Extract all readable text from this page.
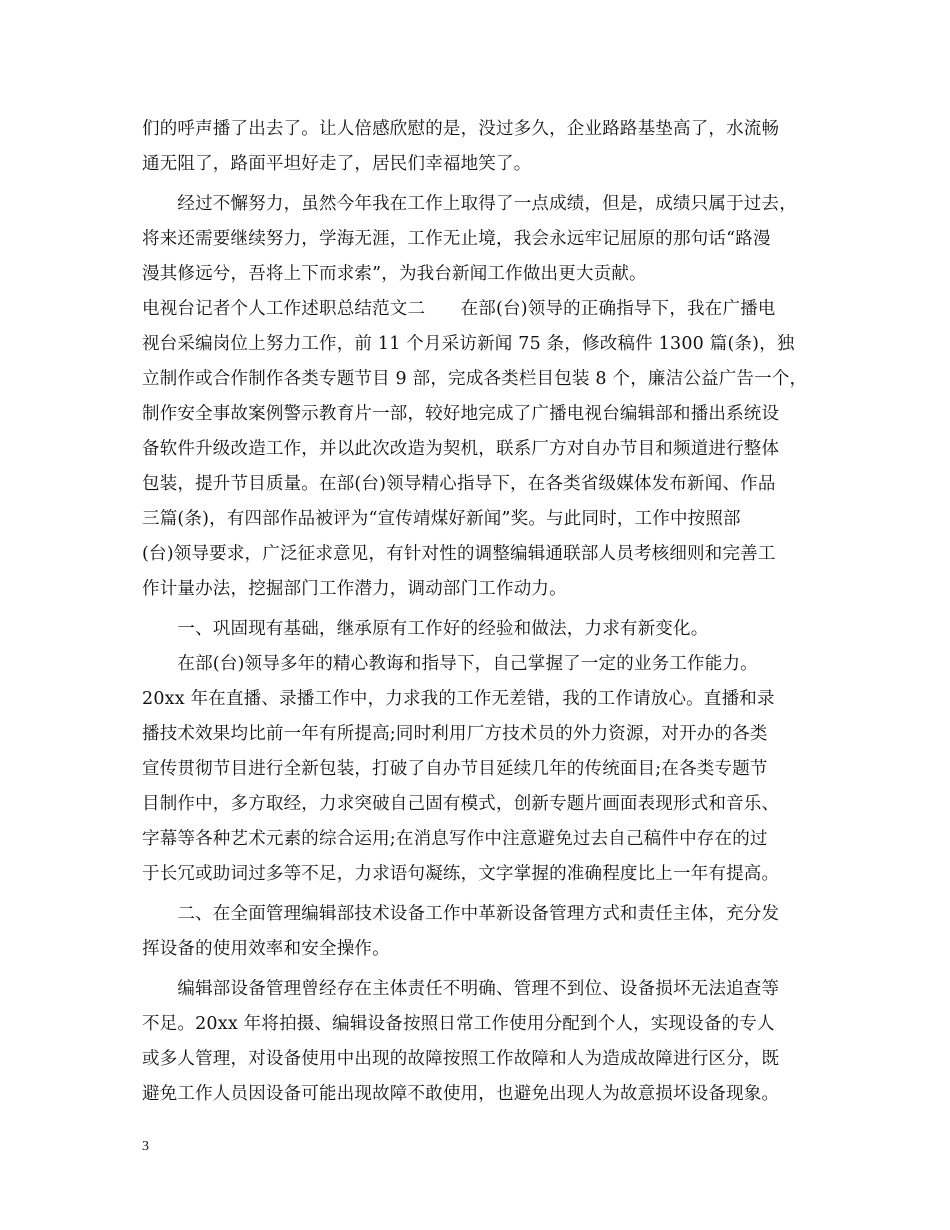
们的呼声播了出去了。让人倍感欣慰的是，没过多久，企业路路基垫高了，水流畅
通无阻了，路面平坦好走了，居民们幸福地笑了。
　　经过不懈努力，虽然今年我在工作上取得了一点成绩，但是，成绩只属于过去，
将来还需要继续努力，学海无涯，工作无止境，我会永远牢记屈原的那句话“路漫
漫其修远兮，吾将上下而求索”，为我台新闻工作做出更大贡献。
电视台记者个人工作述职总结范文二　　在部(台)领导的正确指导下，我在广播电
视台采编岗位上努力工作，前 11 个月采访新闻 75 条，修改稿件 1300 篇(条)，独
立制作或合作制作各类专题节目 9 部，完成各类栏目包装 8 个，廉洁公益广告一个，
制作安全事故案例警示教育片一部，较好地完成了广播电视台编辑部和播出系统设
备软件升级改造工作，并以此次改造为契机，联系厂方对自办节目和频道进行整体
包装，提升节目质量。在部(台)领导精心指导下，在各类省级媒体发布新闻、作品
三篇(条)，有四部作品被评为“宣传靖煤好新闻”奖。与此同时，工作中按照部
(台)领导要求，广泛征求意见，有针对性的调整编辑通联部人员考核细则和完善工
作计量办法，挖掘部门工作潜力，调动部门工作动力。
　　一、巩固现有基础，继承原有工作好的经验和做法，力求有新变化。
　　在部(台)领导多年的精心教诲和指导下，自己掌握了一定的业务工作能力。
20xx 年在直播、录播工作中，力求我的工作无差错，我的工作请放心。直播和录
播技术效果均比前一年有所提高;同时利用厂方技术员的外力资源，对开办的各类
宣传贯彻节目进行全新包装，打破了自办节目延续几年的传统面目;在各类专题节
目制作中，多方取经，力求突破自己固有模式，创新专题片画面表现形式和音乐、
字幕等各种艺术元素的综合运用;在消息写作中注意避免过去自己稿件中存在的过
于长冗或助词过多等不足，力求语句凝练，文字掌握的准确程度比上一年有提高。
　　二、在全面管理编辑部技术设备工作中革新设备管理方式和责任主体，充分发
挥设备的使用效率和安全操作。
　　编辑部设备管理曾经存在主体责任不明确、管理不到位、设备损坏无法追查等
不足。20xx 年将拍摄、编辑设备按照日常工作使用分配到个人，实现设备的专人
或多人管理，对设备使用中出现的故障按照工作故障和人为造成故障进行区分，既
避免工作人员因设备可能出现故障不敢使用，也避免出现人为故意损坏设备现象。
3
